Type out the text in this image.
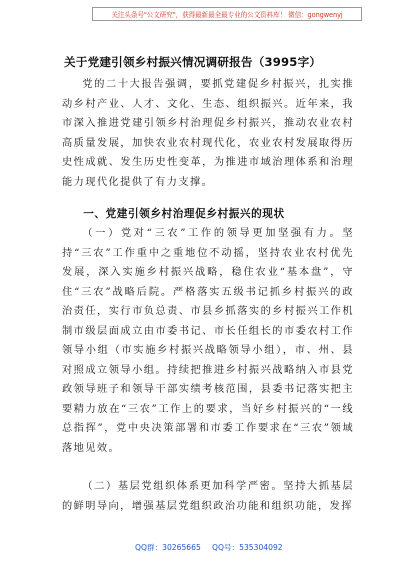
关注头条号"公文研究"，获得最新最全最专业的公文资料库！ 微信：gongwenyj
关于党建引领乡村振兴情况调研报告（3995字）

党的二十大报告强调，要抓党建促乡村振兴，扎实推动乡村产业、人才、文化、生态、组织振兴。近年来，我市深入推进党建引领乡村治理促乡村振兴，推动农业农村高质量发展，加快农业农村现代化，农业农村发展取得历史性成就、发生历史性变革，为推进市域治理体系和治理能力现代化提供了有力支撑。

一、党建引领乡村治理促乡村振兴的现状

（一）党对“三农”工作的领导更加坚强有力。坚持“三农”工作重中之重地位不动摇，坚持农业农村优先发展，深入实施乡村振兴战略，稳住农业“基本盘”，守住“三农”战略后院。严格落实五级书记抓乡村振兴的政治责任，实行市负总责、市县乡抓落实的乡村振兴工作机制市级层面成立由市委书记、市长任组长的市委农村工作领导小组（市实施乡村振兴战略领导小组），市、州、县对照成立领导小组。持续把推进乡村振兴战略纳入市县党政领导班子和领导干部实绩考核范围，县委书记落实把主要精力放在“三农”工作上的要求，当好乡村振兴的“一线总指挥”，党中央决策部署和市委工作要求在“三农”领域落地见效。

（二）基层党组织体系更加科学严密。坚持大抓基层的鲜明导向，增强基层党组织政治功能和组织功能，发挥

QQ群：30265665 QQ号：535304092
